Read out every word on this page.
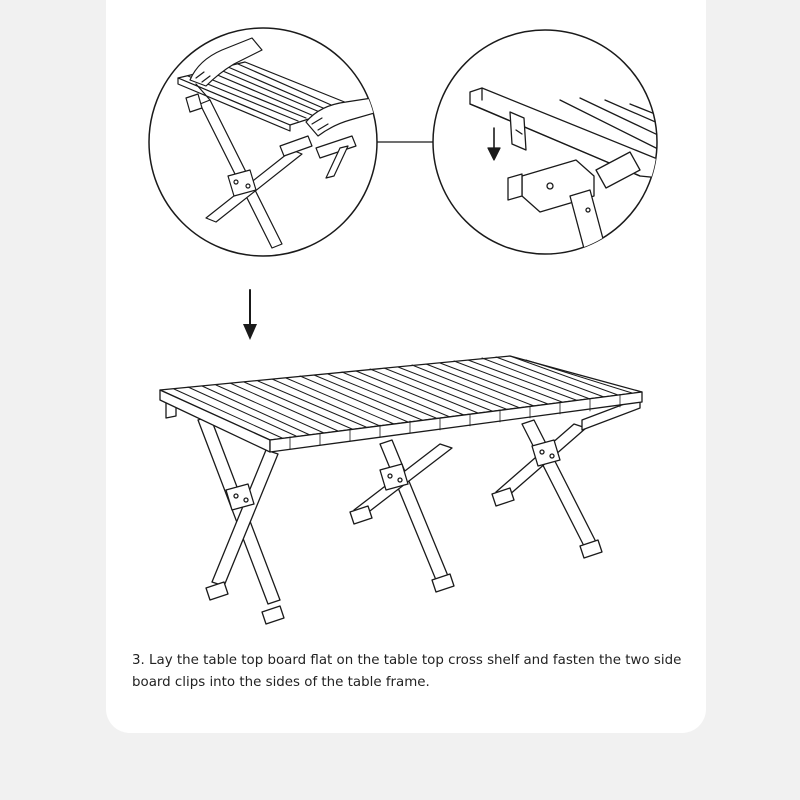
3. Lay the table top board flat on the table top cross shelf and fasten the two side
board clips into the sides of the table frame.
